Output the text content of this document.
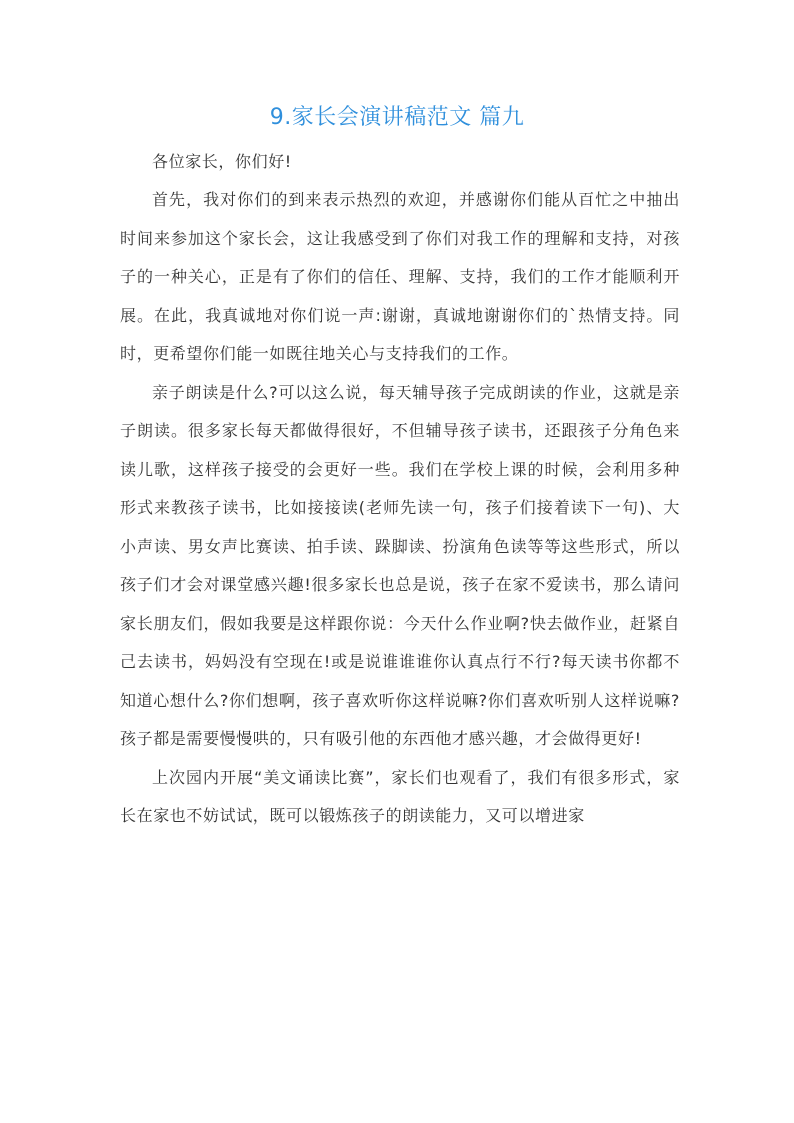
9.家长会演讲稿范文 篇九

各位家长，你们好!

首先，我对你们的到来表示热烈的欢迎，并感谢你们能从百忙之中抽出时间来参加这个家长会，这让我感受到了你们对我工作的理解和支持，对孩子的一种关心，正是有了你们的信任、理解、支持，我们的工作才能顺利开展。在此，我真诚地对你们说一声:谢谢，真诚地谢谢你们的`热情支持。同时，更希望你们能一如既往地关心与支持我们的工作。

亲子朗读是什么?可以这么说，每天辅导孩子完成朗读的作业，这就是亲子朗读。很多家长每天都做得很好，不但辅导孩子读书，还跟孩子分角色来读儿歌，这样孩子接受的会更好一些。我们在学校上课的时候，会利用多种形式来教孩子读书，比如接接读(老师先读一句，孩子们接着读下一句)、大小声读、男女声比赛读、拍手读、跺脚读、扮演角色读等等这些形式，所以孩子们才会对课堂感兴趣!很多家长也总是说，孩子在家不爱读书，那么请问家长朋友们，假如我要是这样跟你说：今天什么作业啊?快去做作业，赶紧自己去读书，妈妈没有空现在!或是说谁谁谁你认真点行不行?每天读书你都不知道心想什么?你们想啊，孩子喜欢听你这样说嘛?你们喜欢听别人这样说嘛?孩子都是需要慢慢哄的，只有吸引他的东西他才感兴趣，才会做得更好!

上次园内开展“美文诵读比赛”，家长们也观看了，我们有很多形式，家长在家也不妨试试，既可以锻炼孩子的朗读能力，又可以增进家
